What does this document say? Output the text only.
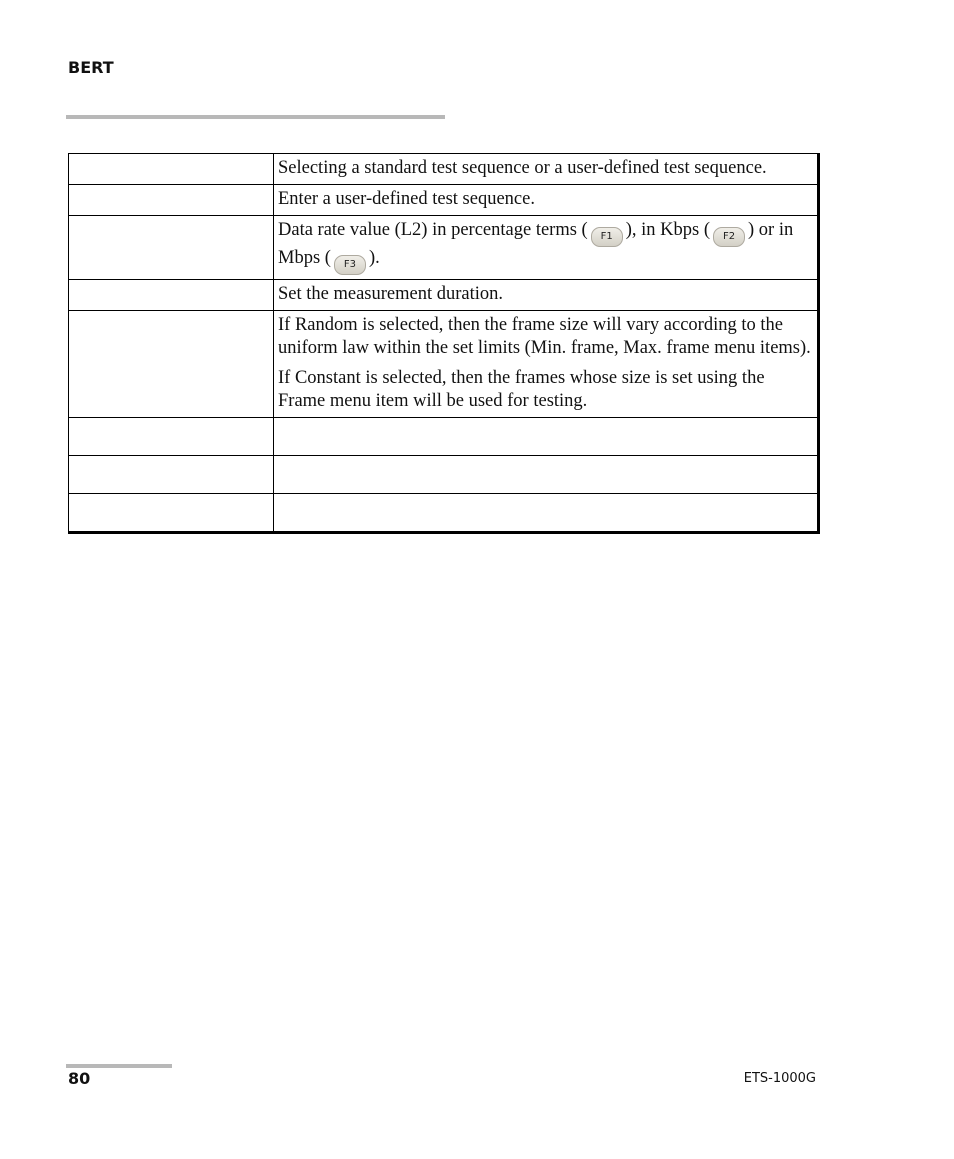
BERT

	Selecting a standard test sequence or a user-defined test sequence.

	Enter a user-defined test sequence.

	Data rate value (L2) in percentage terms ( F1 ), in Kbps ( F2 ) or in Mbps ( F3 ).

	Set the measurement duration.

	If Random is selected, then the frame size will vary according to the uniform law within the set limits (Min. frame, Max. frame menu items).
If Constant is selected, then the frames whose size is set using the Frame menu item will be used for testing.

80	ETS-1000G
